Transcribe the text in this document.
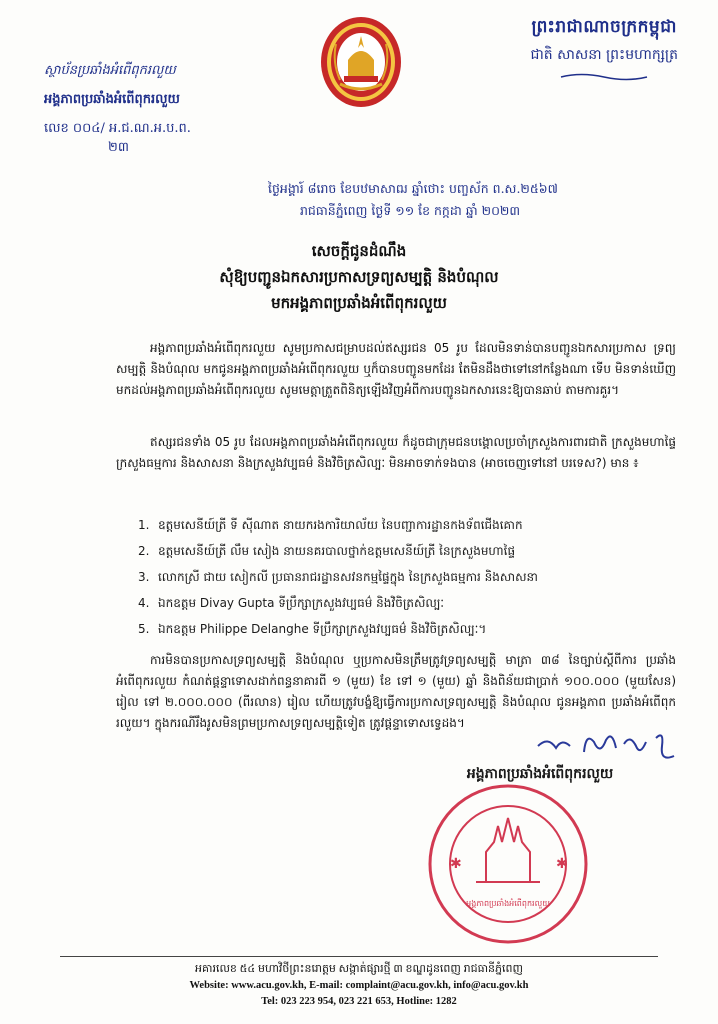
ព្រះរាជាណាចក្រកម្ពុជា
ជាតិ សាសនា ព្រះមហាក្សត្រ
ស្ថាប័នប្រឆាំងអំពើពុករលួយ
អង្គភាពប្រឆាំងអំពើពុករលួយ
លេខ ០០៤/ អ.ជ.ណ.អ.ប.ព.
២៣
ថ្ងៃអង្គារ៍ ៨រោច ខែបឋមាសាឍ ឆ្នាំថោះ បញ្ចស័ក ព.ស.២៥៦៧
រាជធានីភ្នំពេញ ថ្ងៃទី ១១ ខែ កក្កដា ឆ្នាំ ២០២៣
សេចក្តីជូនដំណឹង
សុំឱ្យបញ្ជូនឯកសារប្រកាសទ្រព្យសម្បត្តិ និងបំណុល
មកអង្គភាពប្រឆាំងអំពើពុករលួយ
អង្គភាពប្រឆាំងអំពើពុករលួយ សូមប្រកាសជម្រាបដល់ឥស្សរជន 05 រូប ដែលមិនទាន់បានបញ្ជូនឯកសារប្រកាស ទ្រព្យសម្បត្តិ និងបំណុល មកជូនអង្គភាពប្រឆាំងអំពើពុករលួយ ឬក៏បានបញ្ជូនមកដែរ តែមិនដឹងថាទៅនៅកន្លែងណា ទើប មិនទាន់ឃើញមកដល់អង្គភាពប្រឆាំងអំពើពុករលួយ សូមមេត្តាត្រួតពិនិត្យឡើងវិញអំពីការបញ្ជូនឯកសារនេះឱ្យបានឆាប់ តាមការគួរ។
ឥស្សរជនទាំង 05 រូប ដែលអង្គភាពប្រឆាំងអំពើពុករលួយ ក៏ដូចជាក្រុមជនបង្គោលប្រចាំក្រសួងការពារជាតិ ក្រសួងមហាផ្ទៃ ក្រសួងធម្មការ និងសាសនា និងក្រសួងវប្បធម៌ និងវិចិត្រសិល្បៈ មិនអាចទាក់ទងបាន (អាចចេញទៅនៅ បរទេស?) មាន ៖
1. ឧត្តមសេនីយ៍ត្រី ទី ស៊ីណាត នាយករងការិយាល័យ នៃបញ្ជាការដ្ឋានកងទ័ពជើងគោក
2. ឧត្តមសេនីយ៍ត្រី លឹម សៀង នាយនគរបាលថ្នាក់ឧត្តមសេនីយ៍ត្រី នៃក្រសួងមហាផ្ទៃ
3. លោកស្រី ជាយ សៀកលី ប្រធានរាជរដ្ឋានសវនកម្មផ្ទៃក្នុង នៃក្រសួងធម្មការ និងសាសនា
4. ឯកឧត្តម Divay Gupta ទីប្រឹក្សាក្រសួងវប្បធម៌ និងវិចិត្រសិល្បៈ
5. ឯកឧត្តម Philippe Delanghe ទីប្រឹក្សាក្រសួងវប្បធម៌ និងវិចិត្រសិល្បៈ។
ការមិនបានប្រកាសទ្រព្យសម្បត្តិ និងបំណុល ឬប្រកាសមិនត្រឹមត្រូវទ្រព្យសម្បត្តិ មាត្រា ៣៨ នៃច្បាប់ស្តីពីការ ប្រឆាំងអំពើពុករលួយ កំណត់ផ្តន្ទាទោសដាក់ពន្ធនាគារពី ១ (មួយ) ខែ ទៅ ១ (មួយ) ឆ្នាំ និងពិន័យជាប្រាក់ ១០០.០០០ (មួយសែន) រៀល ទៅ ២.០០០.០០០ (ពីរលាន) រៀល ហើយត្រូវបង្ខំឱ្យធ្វើការប្រកាសទ្រព្យសម្បត្តិ និងបំណុល ជូនអង្គភាព ប្រឆាំងអំពើពុករលួយ។ ក្នុងករណីរឹងរូសមិនព្រមប្រកាសទ្រព្យសម្បត្តិទៀត ត្រូវផ្តន្ទាទោសទ្វេដង។
អង្គភាពប្រឆាំងអំពើពុករលួយ
✱	✱
អង្គភាពប្រឆាំងអំពើពុករលួយ
អគារលេខ ៥៤ មហាវិថីព្រះនរោត្តម សង្កាត់ផ្សារថ្មី ៣ ខណ្ឌដូនពេញ រាជធានីភ្នំពេញ
Website: www.acu.gov.kh, E-mail: complaint@acu.gov.kh, info@acu.gov.kh
Tel: 023 223 954, 023 221 653, Hotline: 1282
